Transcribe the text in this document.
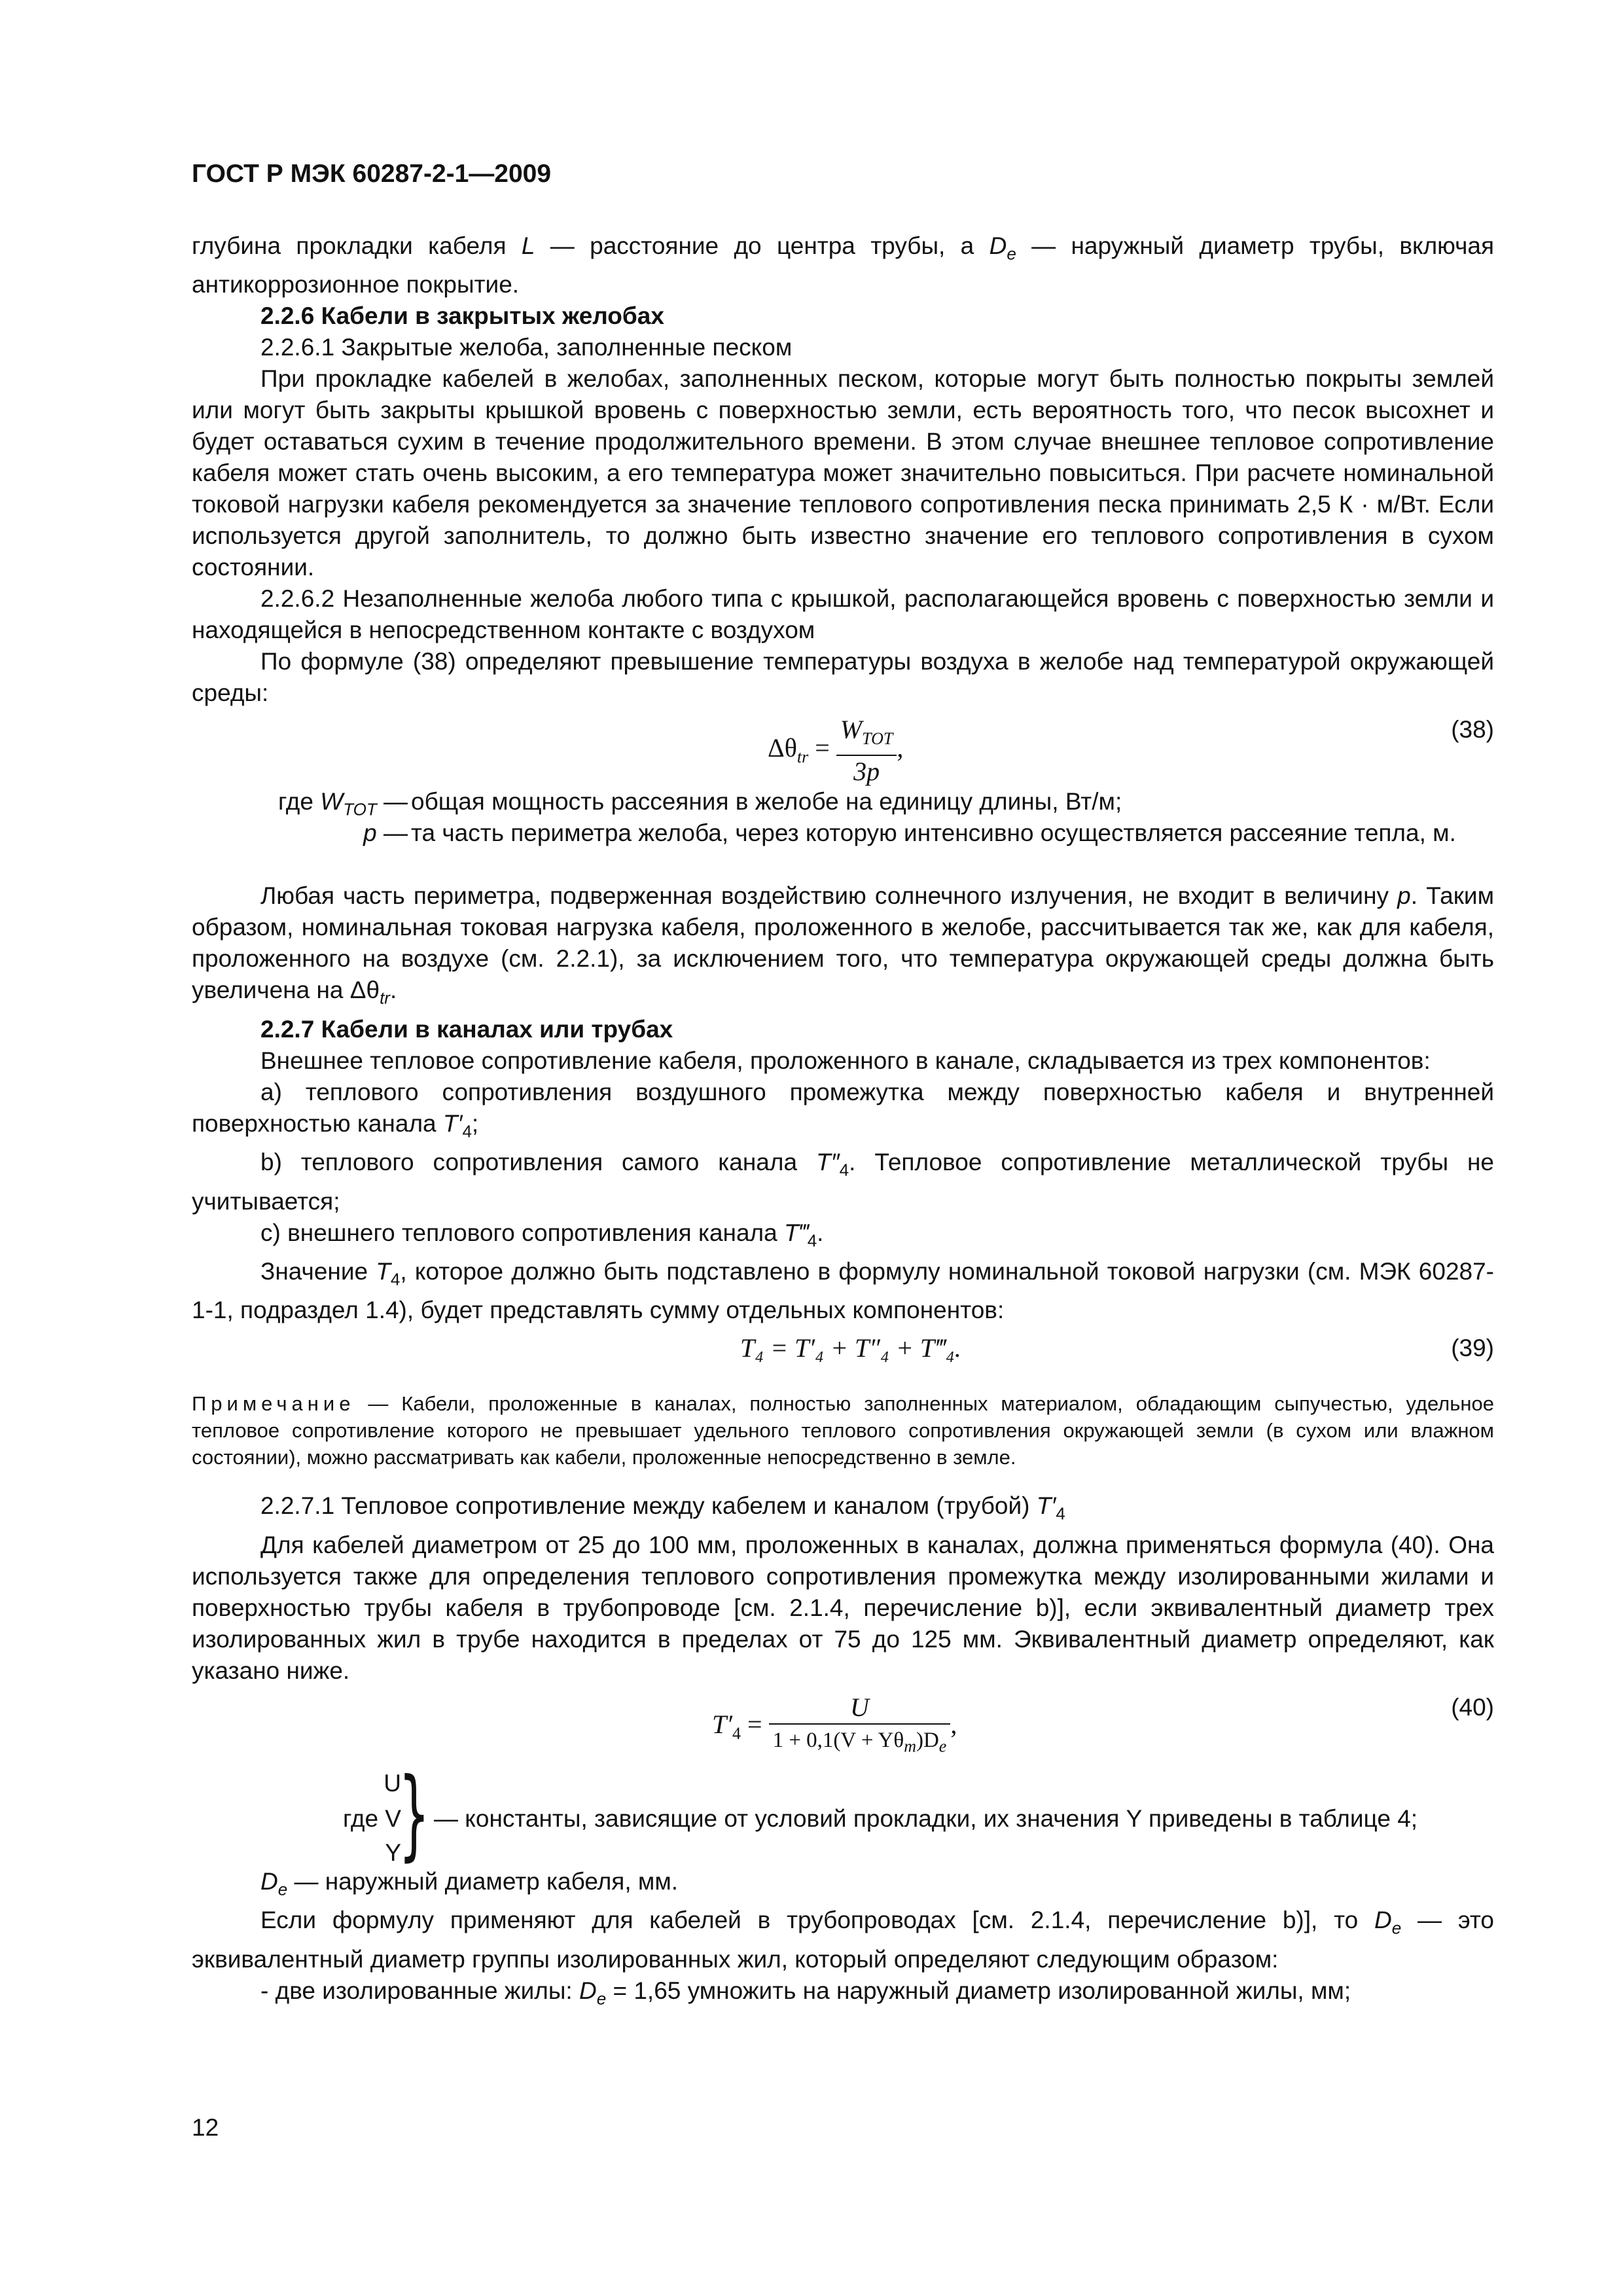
ГОСТ Р МЭК 60287-2-1—2009

глубина прокладки кабеля L — расстояние до центра трубы, а $D_e$ — наружный диаметр трубы, включая антикоррозионное покрытие.

2.2.6 Кабели в закрытых желобах

2.2.6.1 Закрытые желоба, заполненные песком

При прокладке кабелей в желобах, заполненных песком, которые могут быть полностью покрыты землей или могут быть закрыты крышкой вровень с поверхностью земли, есть вероятность того, что песок высохнет и будет оставаться сухим в течение продолжительного времени. В этом случае внешнее тепловое сопротивление кабеля может стать очень высоким, а его температура может значительно повыситься. При расчете номинальной токовой нагрузки кабеля рекомендуется за значение теплового сопротивления песка принимать 2,5 К · м/Вт. Если используется другой заполнитель, то должно быть известно значение его теплового сопротивления в сухом состоянии.

2.2.6.2 Незаполненные желоба любого типа с крышкой, располагающейся вровень с поверхностью земли и находящейся в непосредственном контакте с воздухом

По формуле (38) определяют превышение температуры воздуха в желобе над температурой окружающей среды:

$\Delta\theta_{tr} = \frac{W_{TOT}}{3p}$ ,
(38)
где $W_{TOT}$ — общая мощность рассеяния в желобе на единицу длины, Вт/м;
p — та часть периметра желоба, через которую интенсивно осуществляется рассеяние тепла, м.

Любая часть периметра, подверженная воздействию солнечного излучения, не входит в величину p. Таким образом, номинальная токовая нагрузка кабеля, проложенного в желобе, рассчитывается так же, как для кабеля, проложенного на воздухе (см. 2.2.1), за исключением того, что температура окружающей среды должна быть увеличена на $\Delta\theta_{tr}$.

2.2.7 Кабели в каналах или трубах

Внешнее тепловое сопротивление кабеля, проложенного в канале, складывается из трех компонентов:

a) теплового сопротивления воздушного промежутка между поверхностью кабеля и внутренней поверхностью канала $T'_4$;

b) теплового сопротивления самого канала $T''_4$. Тепловое сопротивление металлической трубы не учитывается;

c) внешнего теплового сопротивления канала $T‴_4$.

Значение $T_4$, которое должно быть подставлено в формулу номинальной токовой нагрузки (см. МЭК 60287-1-1, подраздел 1.4), будет представлять сумму отдельных компонентов:

T₄ = T′₄ + T″₄ + T‴₄.	(39)

Примечание — Кабели, проложенные в каналах, полностью заполненных материалом, обладающим сыпучестью, удельное тепловое сопротивление которого не превышает удельного теплового сопротивления окружающей земли (в сухом или влажном состоянии), можно рассматривать как кабели, проложенные непосредственно в земле.

2.2.7.1 Тепловое сопротивление между кабелем и каналом (трубой) $T'_4$

Для кабелей диаметром от 25 до 100 мм, проложенных в каналах, должна применяться формула (40). Она используется также для определения теплового сопротивления промежутка между изолированными жилами и поверхностью трубы кабеля в трубопроводе [см. 2.1.4, перечисление b)], если эквивалентный диаметр трех изолированных жил в трубе находится в пределах от 75 до 125 мм. Эквивалентный диаметр определяют, как указано ниже.

$T'_4 = \frac{U}{1 + 0,1(V + Y\theta_m)D_e}$ ,
(40)
U
где V
Y
} — константы, зависящие от условий прокладки, их значения Y приведены в таблице 4;

$D_e$ — наружный диаметр кабеля, мм.

Если формулу применяют для кабелей в трубопроводах [см. 2.1.4, перечисление b)], то $D_e$ — это эквивалентный диаметр группы изолированных жил, который определяют следующим образом:

- две изолированные жилы: $D_e = 1,65$ умножить на наружный диаметр изолированной жилы, мм;

12
